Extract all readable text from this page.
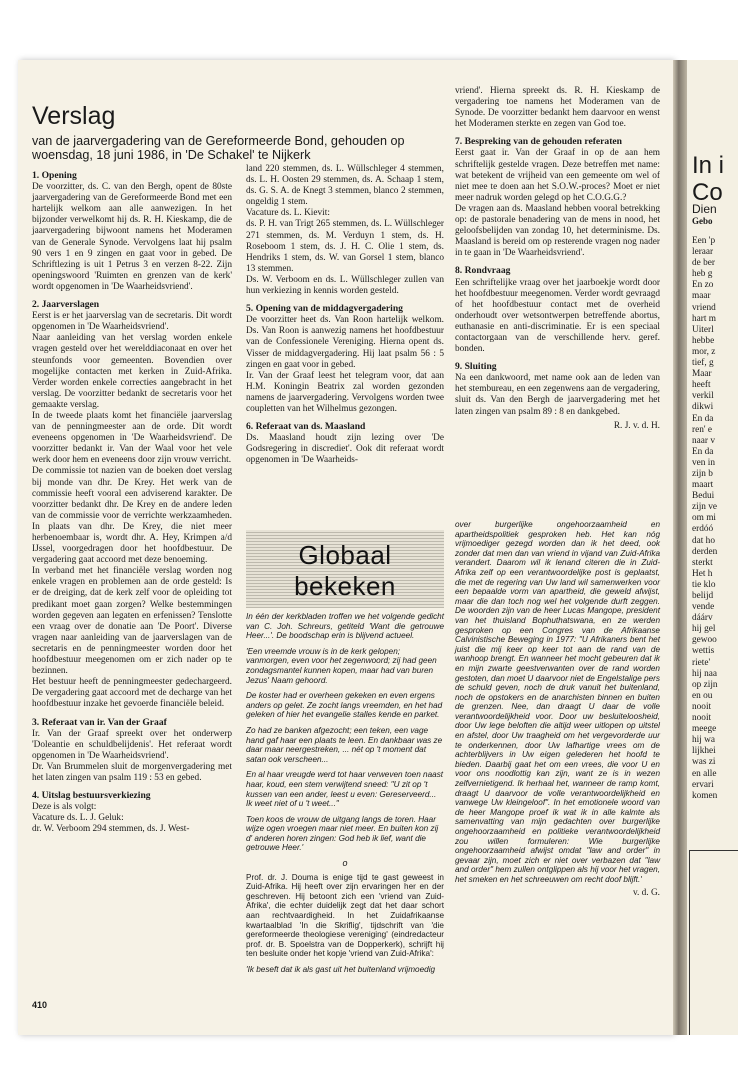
Verslag
van de jaarvergadering van de Gereformeerde Bond, gehouden op woensdag, 18 juni 1986, in 'De Schakel' te Nijkerk
1. Opening

De voorzitter, ds. C. van den Bergh, opent de 80ste jaarvergadering van de Gereformeerde Bond met een hartelijk welkom aan alle aanwezigen. In het bijzonder verwelkomt hij ds. R. H. Kieskamp, die de jaarvergadering bijwoont namens het Moderamen van de Generale Synode. Vervolgens laat hij psalm 90 vers 1 en 9 zingen en gaat voor in gebed. De Schriftlezing is uit 1 Petrus 3 en verzen 8-22. Zijn openingswoord 'Ruimten en grenzen van de kerk' wordt opgenomen in 'De Waarheidsvriend'.

2. Jaarverslagen

Eerst is er het jaarverslag van de secretaris. Dit wordt opgenomen in 'De Waarheidsvriend'.

Naar aanleiding van het verslag worden enkele vragen gesteld over het werelddiaconaat en over het steunfonds voor gemeenten. Bovendien over mogelijke contacten met kerken in Zuid-Afrika. Verder worden enkele correcties aangebracht in het verslag. De voorzitter bedankt de secretaris voor het gemaakte verslag.

In de tweede plaats komt het financiële jaarverslag van de penningmeester aan de orde. Dit wordt eveneens opgenomen in 'De Waarheidsvriend'. De voorzitter bedankt ir. Van der Waal voor het vele werk door hem en eveneens door zijn vrouw verricht.

De commissie tot nazien van de boeken doet verslag bij monde van dhr. De Krey. Het werk van de commissie heeft vooral een adviserend karakter. De voorzitter bedankt dhr. De Krey en de andere leden van de commissie voor de verrichte werkzaamheden. In plaats van dhr. De Krey, die niet meer herbenoembaar is, wordt dhr. A. Hey, Krimpen a/d IJssel, voorgedragen door het hoofdbestuur. De vergadering gaat accoord met deze benoeming.

In verband met het financiële verslag worden nog enkele vragen en problemen aan de orde gesteld: Is er de dreiging, dat de kerk zelf voor de opleiding tot predikant moet gaan zorgen? Welke bestemmingen worden gegeven aan legaten en erfenissen? Tenslotte een vraag over de donatie aan 'De Poort'. Diverse vragen naar aanleiding van de jaarverslagen van de secretaris en de penningmeester worden door het hoofdbestuur meegenomen om er zich nader op te bezinnen.

Het bestuur heeft de penningmeester gedechargeerd. De vergadering gaat accoord met de decharge van het hoofdbestuur inzake het gevoerde financiële beleid.

3. Referaat van ir. Van der Graaf

Ir. Van der Graaf spreekt over het onderwerp 'Doleantie en schuldbelijdenis'. Het referaat wordt opgenomen in 'De Waarheidsvriend'.

Dr. Van Brummelen sluit de morgenvergadering met het laten zingen van psalm 119 : 53 en gebed.

4. Uitslag bestuursverkiezing

Deze is als volgt:

Vacature ds. L. J. Geluk:

dr. W. Verboom 294 stemmen, ds. J. West-

land 220 stemmen, ds. L. Wüllschleger 4 stemmen, ds. L. H. Oosten 29 stemmen, ds. A. Schaap 1 stem, ds. G. S. A. de Knegt 3 stemmen, blanco 2 stemmen, ongeldig 1 stem.

Vacature ds. L. Kievit:

ds. P. H. van Trigt 265 stemmen, ds. L. Wüllschleger 271 stemmen, ds. M. Verduyn 1 stem, ds. H. Roseboom 1 stem, ds. J. H. C. Olie 1 stem, ds. Hendriks 1 stem, ds. W. van Gorsel 1 stem, blanco 13 stemmen.

Ds. W. Verboom en ds. L. Wüllschleger zullen van hun verkiezing in kennis worden gesteld.

5. Opening van de middagvergadering

De voorzitter heet ds. Van Roon hartelijk welkom. Ds. Van Roon is aanwezig namens het hoofdbestuur van de Confessionele Vereniging. Hierna opent ds. Visser de middagvergadering. Hij laat psalm 56 : 5 zingen en gaat voor in gebed.

Ir. Van der Graaf leest het telegram voor, dat aan H.M. Koningin Beatrix zal worden gezonden namens de jaarvergadering. Vervolgens worden twee coupletten van het Wilhelmus gezongen.

6. Referaat van ds. Maasland

Ds. Maasland houdt zijn lezing over 'De Godsregering in discrediet'. Ook dit referaat wordt opgenomen in 'De Waarheids-

vriend'. Hierna spreekt ds. R. H. Kieskamp de vergadering toe namens het Moderamen van de Synode. De voorzitter bedankt hem daarvoor en wenst het Moderamen sterkte en zegen van God toe.

7. Bespreking van de gehouden referaten

Eerst gaat ir. Van der Graaf in op de aan hem schriftelijk gestelde vragen. Deze betreffen met name: wat betekent de vrijheid van een gemeente om wel of niet mee te doen aan het S.O.W.-proces? Moet er niet meer nadruk worden gelegd op het C.O.G.G.?

De vragen aan ds. Maasland hebben vooral betrekking op: de pastorale benadering van de mens in nood, het geloofsbelijden van zondag 10, het determinisme. Ds. Maasland is bereid om op resterende vragen nog nader in te gaan in 'De Waarheidsvriend'.

8. Rondvraag

Een schriftelijke vraag over het jaarboekje wordt door het hoofdbestuur meegenomen. Verder wordt gevraagd of het hoofdbestuur contact met de overheid onderhoudt over wetsontwerpen betreffende abortus, euthanasie en anti-discriminatie. Er is een speciaal contactorgaan van de verschillende herv. geref. bonden.

9. Sluiting

Na een dankwoord, met name ook aan de leden van het stembureau, en een zegenwens aan de vergadering, sluit ds. Van den Bergh de jaarvergadering met het laten zingen van psalm 89 : 8 en dankgebed.

R. J. v. d. H.
Globaal bekeken

In één der kerkbladen troffen we het volgende gedicht van C. Joh. Schreurs, getiteld 'Want die getrouwe Heer...'. De boodschap erin is blijvend actueel.

'Een vreemde vrouw is in de kerk gelopen; vanmorgen, even voor het zegenwoord; zij had geen zondagsmantel kunnen kopen, maar had van buren Jezus' Naam gehoord.

De koster had er overheen gekeken en even ergens anders op gelet. Ze zocht langs vreemden, en het had geleken of hier het evangelie stalles kende en parket.

Zo had ze banken afgezocht; een teken, een vage hand gaf haar een plaats te leen. En dankbaar was ze daar maar neergestreken, ... nét op 't moment dat satan ook verscheen...

En al haar vreugde werd tot haar verweven toen naast haar, koud, een stem verwijtend sneed: "U zit op 't kussen van een ander, leest u even: Gereserveerd... Ik weet niet of u 't weet..."

Toen koos de vrouw de uitgang langs de toren. Haar wijze ogen vroegen maar niet meer. En buiten kon zij d' anderen horen zingen: God heb ik lief, want die getrouwe Heer.'

o

Prof. dr. J. Douma is enige tijd te gast geweest in Zuid-Afrika. Hij heeft over zijn ervaringen her en der geschreven. Hij betoont zich een 'vriend van Zuid-Afrika', die echter duidelijk zegt dat het daar schort aan rechtvaardigheid. In het Zuidafrikaanse kwartaalblad 'In die Skriflig', tijdschrift van 'die gereformeerde theologiese vereniging' (eindredacteur prof. dr. B. Spoelstra van de Dopperkerk), schrijft hij ten besluite onder het kopje 'vriend van Zuid-Afrika':

'Ik beseft dat ik als gast uit het buitenland vrijmoedig

over burgerlijke ongehoorzaamheid en apartheidspolitiek gesproken heb. Het kan nóg vrijmoediger gezegd worden dan ik het deed, ook zonder dat men dan van vriend in vijand van Zuid-Afrika verandert. Daarom wil ik lenand citeren die in Zuid-Afrika zelf op een verantwoordelijke post is geplaatst, die met de regering van Uw land wil samenwerken voor een bepaalde vorm van apartheid, die geweld afwijst, maar die dan toch nog wel het volgende durft zeggen. De woorden zijn van de heer Lucas Mangope, president van het thuisland Bophuthatswana, en ze werden gesproken op een Congres van de Afrikaanse Calvinistische Beweging in 1977: "U Afrikaners bent het juist die mij keer op keer tot aan de rand van de wanhoop brengt. En wanneer het mocht gebeuren dat ik en mijn zwarte geestverwanten over de rand worden gestoten, dan moet U daarvoor niet de Engelstalige pers de schuld geven, noch de druk vanuit het buitenland, noch de opstokers en de anarchisten binnen en buiten de grenzen. Nee, dan draagt U daar de volle verantwoordelijkheid voor. Door uw besluiteloosheid, door Uw lege beloften die altijd weer uitlopen op uitstel en afstel, door Uw traagheid om het vergevorderde uur te onderkennen, door Uw lafhartige vrees om de achterblijvers in Uw eigen gelederen het hoofd te bieden. Daarbij gaat het om een vrees, die voor U en voor ons noodlottig kan zijn, want ze is in wezen zelfvernietigend. Ik herhaal het, wanneer de ramp komt, draagt U daarvoor de volle verantwoordelijkheid en vanwege Uw kleingeloof". In het emotionele woord van de heer Mangope proef ik wat ik in alle kalmte als samenvatting van mijn gedachten over burgerlijke ongehoorzaamheid en politieke verantwoordelijkheid zou willen formuleren: Wie burgerlijke ongehoorzaamheid afwijst omdat "law and order" in gevaar zijn, moet zich er niet over verbazen dat "law and order" hem zullen ontglippen als hij voor het vragen, het smeken en het schreeuwen om recht doof blijft.'

v. d. G.
410
In i
Co
Dien
Gebo
Een 'p
leraar
de ber
heb g
En zo
maar
vriend
hart m
Uiterl
hebbe
mor, z
tief, g
Maar
heeft
verkil
dikwi
En da
ren' e
naar v
En da
ven in
zijn b
maart
Bedui
zijn ve
om mi
erdóó
dat ho
derden
sterkt
Het h
tie klo
belijd
vende
dáárv
hij gel
gewoo
wettis
riete'
hij naa
op zijn
en ou
nooit
nooit
meege
hij wa
lijkhei
was zi
en alle
ervari
komen
